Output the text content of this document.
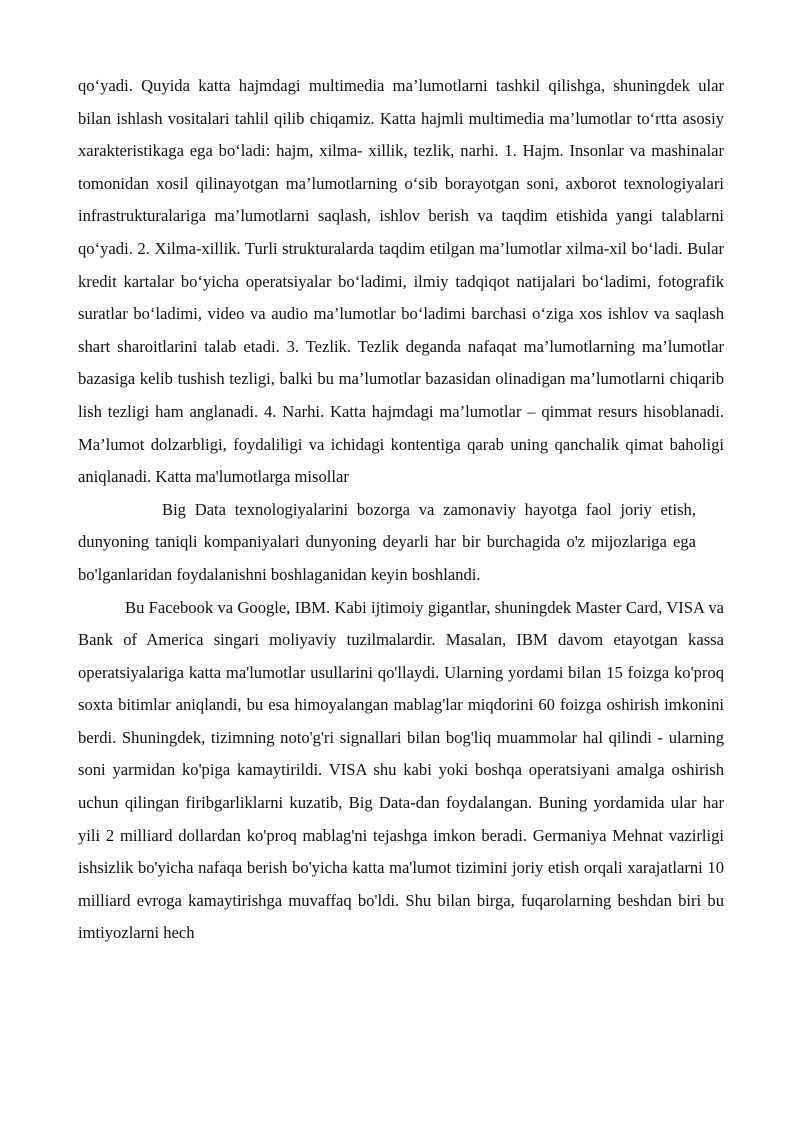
qo‘yadi. Quyida katta hajmdagi multimedia ma’lumotlarni tashkil qilishga, shuningdek ular bilan ishlash vositalari tahlil qilib chiqamiz. Katta hajmli multimedia ma’lumotlar to‘rtta asosiy xarakteristikaga ega bo‘ladi: hajm, xilma- xillik, tezlik, narhi. 1. Hajm. Insonlar va mashinalar tomonidan xosil qilinayotgan ma’lumotlarning o‘sib borayotgan soni, axborot texnologiyalari infrastrukturalariga ma’lumotlarni saqlash, ishlov berish va taqdim etishida yangi talablarni qo‘yadi. 2. Xilma-xillik. Turli strukturalarda taqdim etilgan ma’lumotlar xilma-xil bo‘ladi. Bular kredit kartalar bo‘yicha operatsiyalar bo‘ladimi, ilmiy tadqiqot natijalari bo‘ladimi, fotografik suratlar bo‘ladimi, video va audio ma’lumotlar bo‘ladimi barchasi o‘ziga xos ishlov va saqlash shart sharoitlarini talab etadi. 3. Tezlik. Tezlik deganda nafaqat ma’lumotlarning ma’lumotlar bazasiga kelib tushish tezligi, balki bu ma’lumotlar bazasidan olinadigan ma’lumotlarni chiqarib lish tezligi ham anglanadi. 4. Narhi. Katta hajmdagi ma’lumotlar – qimmat resurs hisoblanadi. Ma’lumot dolzarbligi, foydaliligi va ichidagi kontentiga qarab uning qanchalik qimat baholigi aniqlanadi. Katta ma'lumotlarga misollar

Big Data texnologiyalarini bozorga va zamonaviy hayotga faol joriy etish, dunyoning taniqli kompaniyalari dunyoning deyarli har bir burchagida o'z mijozlariga ega bo'lganlaridan foydalanishni boshlaganidan keyin boshlandi.

Bu Facebook va Google, IBM. Kabi ijtimoiy gigantlar, shuningdek Master Card, VISA va Bank of America singari moliyaviy tuzilmalardir. Masalan, IBM davom etayotgan kassa operatsiyalariga katta ma'lumotlar usullarini qo'llaydi. Ularning yordami bilan 15 foizga ko'proq soxta bitimlar aniqlandi, bu esa himoyalangan mablag'lar miqdorini 60 foizga oshirish imkonini berdi. Shuningdek, tizimning noto'g'ri signallari bilan bog'liq muammolar hal qilindi - ularning soni yarmidan ko'piga kamaytirildi. VISA shu kabi yoki boshqa operatsiyani amalga oshirish uchun qilingan firibgarliklarni kuzatib, Big Data-dan foydalangan. Buning yordamida ular har yili 2 milliard dollardan ko'proq mablag'ni tejashga imkon beradi. Germaniya Mehnat vazirligi ishsizlik bo'yicha nafaqa berish bo'yicha katta ma'lumot tizimini joriy etish orqali xarajatlarni 10 milliard evroga kamaytirishga muvaffaq bo'ldi. Shu bilan birga, fuqarolarning beshdan biri bu imtiyozlarni hech
